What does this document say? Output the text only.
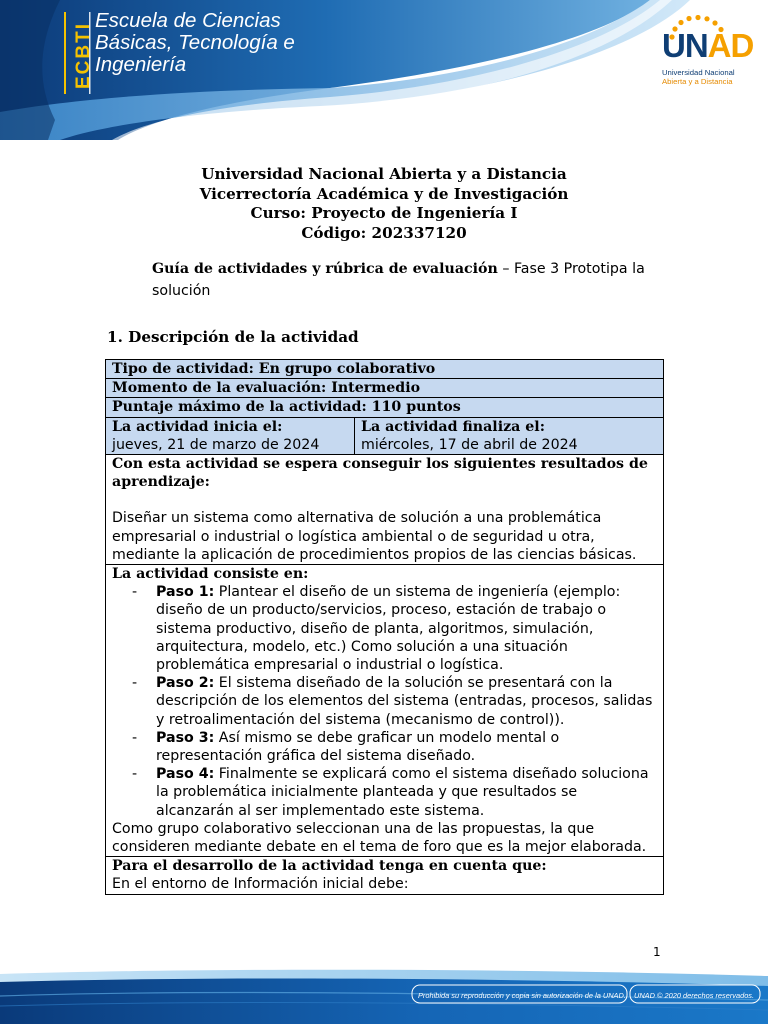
ECBTI
Escuela de Ciencias
Básicas, Tecnología e
Ingeniería
UNAD
Universidad Nacional
Abierta y a Distancia
Universidad Nacional Abierta y a Distancia
Vicerrectoría Académica y de Investigación
Curso: Proyecto de Ingeniería I
Código: 202337120
Guía de actividades y rúbrica de evaluación – Fase 3 Prototipa la solución
1. Descripción de la actividad
Tipo de actividad: En grupo colaborativo
Momento de la evaluación: Intermedio
Puntaje máximo de la actividad: 110 puntos

La actividad inicia el:
jueves, 21 de marzo de 2024

La actividad finaliza el:
miércoles, 17 de abril de 2024

Con esta actividad se espera conseguir los siguientes resultados de aprendizaje:
Diseñar un sistema como alternativa de solución a una problemática empresarial o industrial o logística ambiental o de seguridad u otra, mediante la aplicación de procedimientos propios de las ciencias básicas.

La actividad consiste en:
- Paso 1: Plantear el diseño de un sistema de ingeniería (ejemplo: diseño de un producto/servicios, proceso, estación de trabajo o sistema productivo, diseño de planta, algoritmos, simulación, arquitectura, modelo, etc.) Como solución a una situación problemática empresarial o industrial o logística.
- Paso 2: El sistema diseñado de la solución se presentará con la descripción de los elementos del sistema (entradas, procesos, salidas y retroalimentación del sistema (mecanismo de control)).
- Paso 3: Así mismo se debe graficar un modelo mental o representación gráfica del sistema diseñado.
- Paso 4: Finalmente se explicará como el sistema diseñado soluciona la problemática inicialmente planteada y que resultados se alcanzarán al ser implementado este sistema.
Como grupo colaborativo seleccionan una de las propuestas, la que consideren mediante debate en el tema de foro que es la mejor elaborada.

Para el desarrollo de la actividad tenga en cuenta que:
En el entorno de Información inicial debe:
1
Prohibida su reproducción y copia sin autorización de la UNAD. UNAD © 2020 derechos reservados.
